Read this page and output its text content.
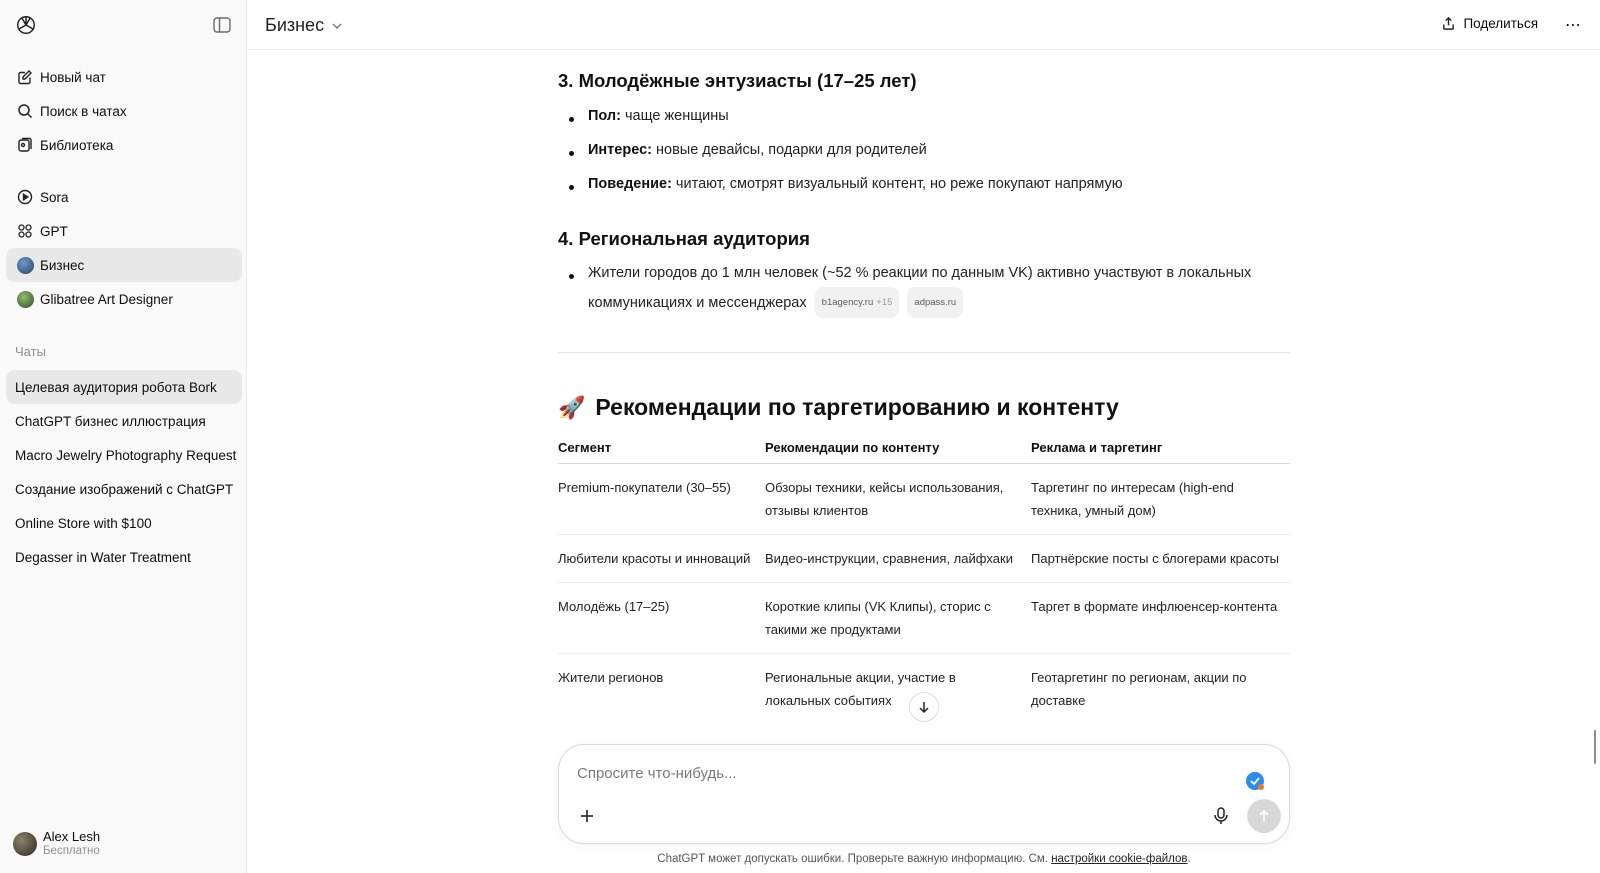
Новый чат
Поиск в чатах
Библиотека
Sora
GPT
Бизнес
Glibatree Art Designer
Чаты
Целевая аудитория робота Bork
ChatGPT бизнес иллюстрация
Macro Jewelry Photography Request
Создание изображений с ChatGPT
Online Store with $100
Degasser in Water Treatment
Alex Lesh
Бесплатно
Бизнес	Поделиться ⋯
3. Молодёжные энтузиасты (17–25 лет)
Пол: чаще женщины
Интерес: новые девайсы, подарки для родителей
Поведение: читают, смотрят визуальный контент, но реже покупают напрямую
4. Региональная аудитория
Жители городов до 1 млн человек (~52 % реакции по данным VK) активно участвуют в локальных коммуникациях и мессенджерах b1agency.ru +15 adpass.ru
🚀 Рекомендации по таргетированию и контенту
Сегмент	Рекомендации по контенту	Реклама и таргетинг
Premium-покупатели (30–55)	Обзоры техники, кейсы использования, отзывы клиентов	Таргетинг по интересам (high-end техника, умный дом)
Любители красоты и инноваций	Видео-инструкции, сравнения, лайфхаки	Партнёрские посты с блогерами красоты
Молодёжь (17–25)	Короткие клипы (VK Клипы), сторис с такими же продуктами	Таргет в формате инфлюенсер-контента
Жители регионов	Региональные акции, участие в локальных событиях	Геотаргетинг по регионам, акции по доставке
Спросите что-нибудь...
ChatGPT может допускать ошибки. Проверьте важную информацию. См. настройки cookie-файлов.
